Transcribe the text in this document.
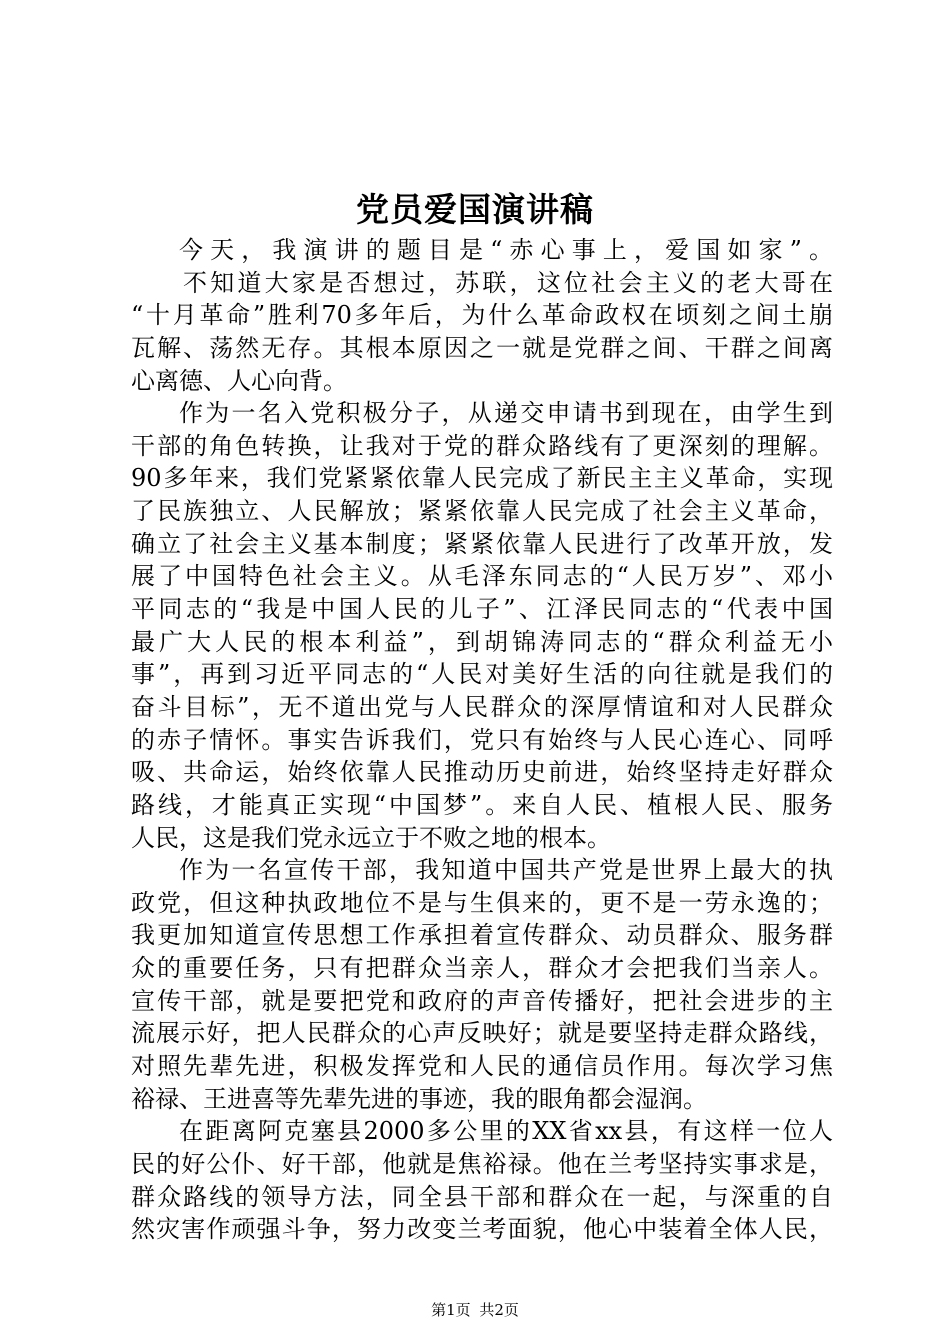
党员爱国演讲稿
今天，我演讲的题目是“赤心事上，爱国如家”。
不知道大家是否想过，苏联，这位社会主义的老大哥在
“十月革命”胜利70多年后，为什么革命政权在顷刻之间土崩
瓦解、荡然无存。其根本原因之一就是党群之间、干群之间离
心离德、人心向背。
作为一名入党积极分子，从递交申请书到现在，由学生到
干部的角色转换，让我对于党的群众路线有了更深刻的理解。
90多年来，我们党紧紧依靠人民完成了新民主主义革命，实现
了民族独立、人民解放；紧紧依靠人民完成了社会主义革命，
确立了社会主义基本制度；紧紧依靠人民进行了改革开放，发
展了中国特色社会主义。从毛泽东同志的“人民万岁”、邓小
平同志的“我是中国人民的儿子”、江泽民同志的“代表中国
最广大人民的根本利益”，到胡锦涛同志的“群众利益无小
事”，再到习近平同志的“人民对美好生活的向往就是我们的
奋斗目标”，无不道出党与人民群众的深厚情谊和对人民群众
的赤子情怀。事实告诉我们，党只有始终与人民心连心、同呼
吸、共命运，始终依靠人民推动历史前进，始终坚持走好群众
路线，才能真正实现“中国梦”。来自人民、植根人民、服务
人民，这是我们党永远立于不败之地的根本。
作为一名宣传干部，我知道中国共产党是世界上最大的执
政党，但这种执政地位不是与生俱来的，更不是一劳永逸的；
我更加知道宣传思想工作承担着宣传群众、动员群众、服务群
众的重要任务，只有把群众当亲人，群众才会把我们当亲人。
宣传干部，就是要把党和政府的声音传播好，把社会进步的主
流展示好，把人民群众的心声反映好；就是要坚持走群众路线，
对照先辈先进，积极发挥党和人民的通信员作用。每次学习焦
裕禄、王进喜等先辈先进的事迹，我的眼角都会湿润。
在距离阿克塞县2000多公里的XX省xx县，有这样一位人
民的好公仆、好干部，他就是焦裕禄。他在兰考坚持实事求是，
群众路线的领导方法，同全县干部和群众在一起，与深重的自
然灾害作顽强斗争，努力改变兰考面貌，他心中装着全体人民，
第1页 共2页
